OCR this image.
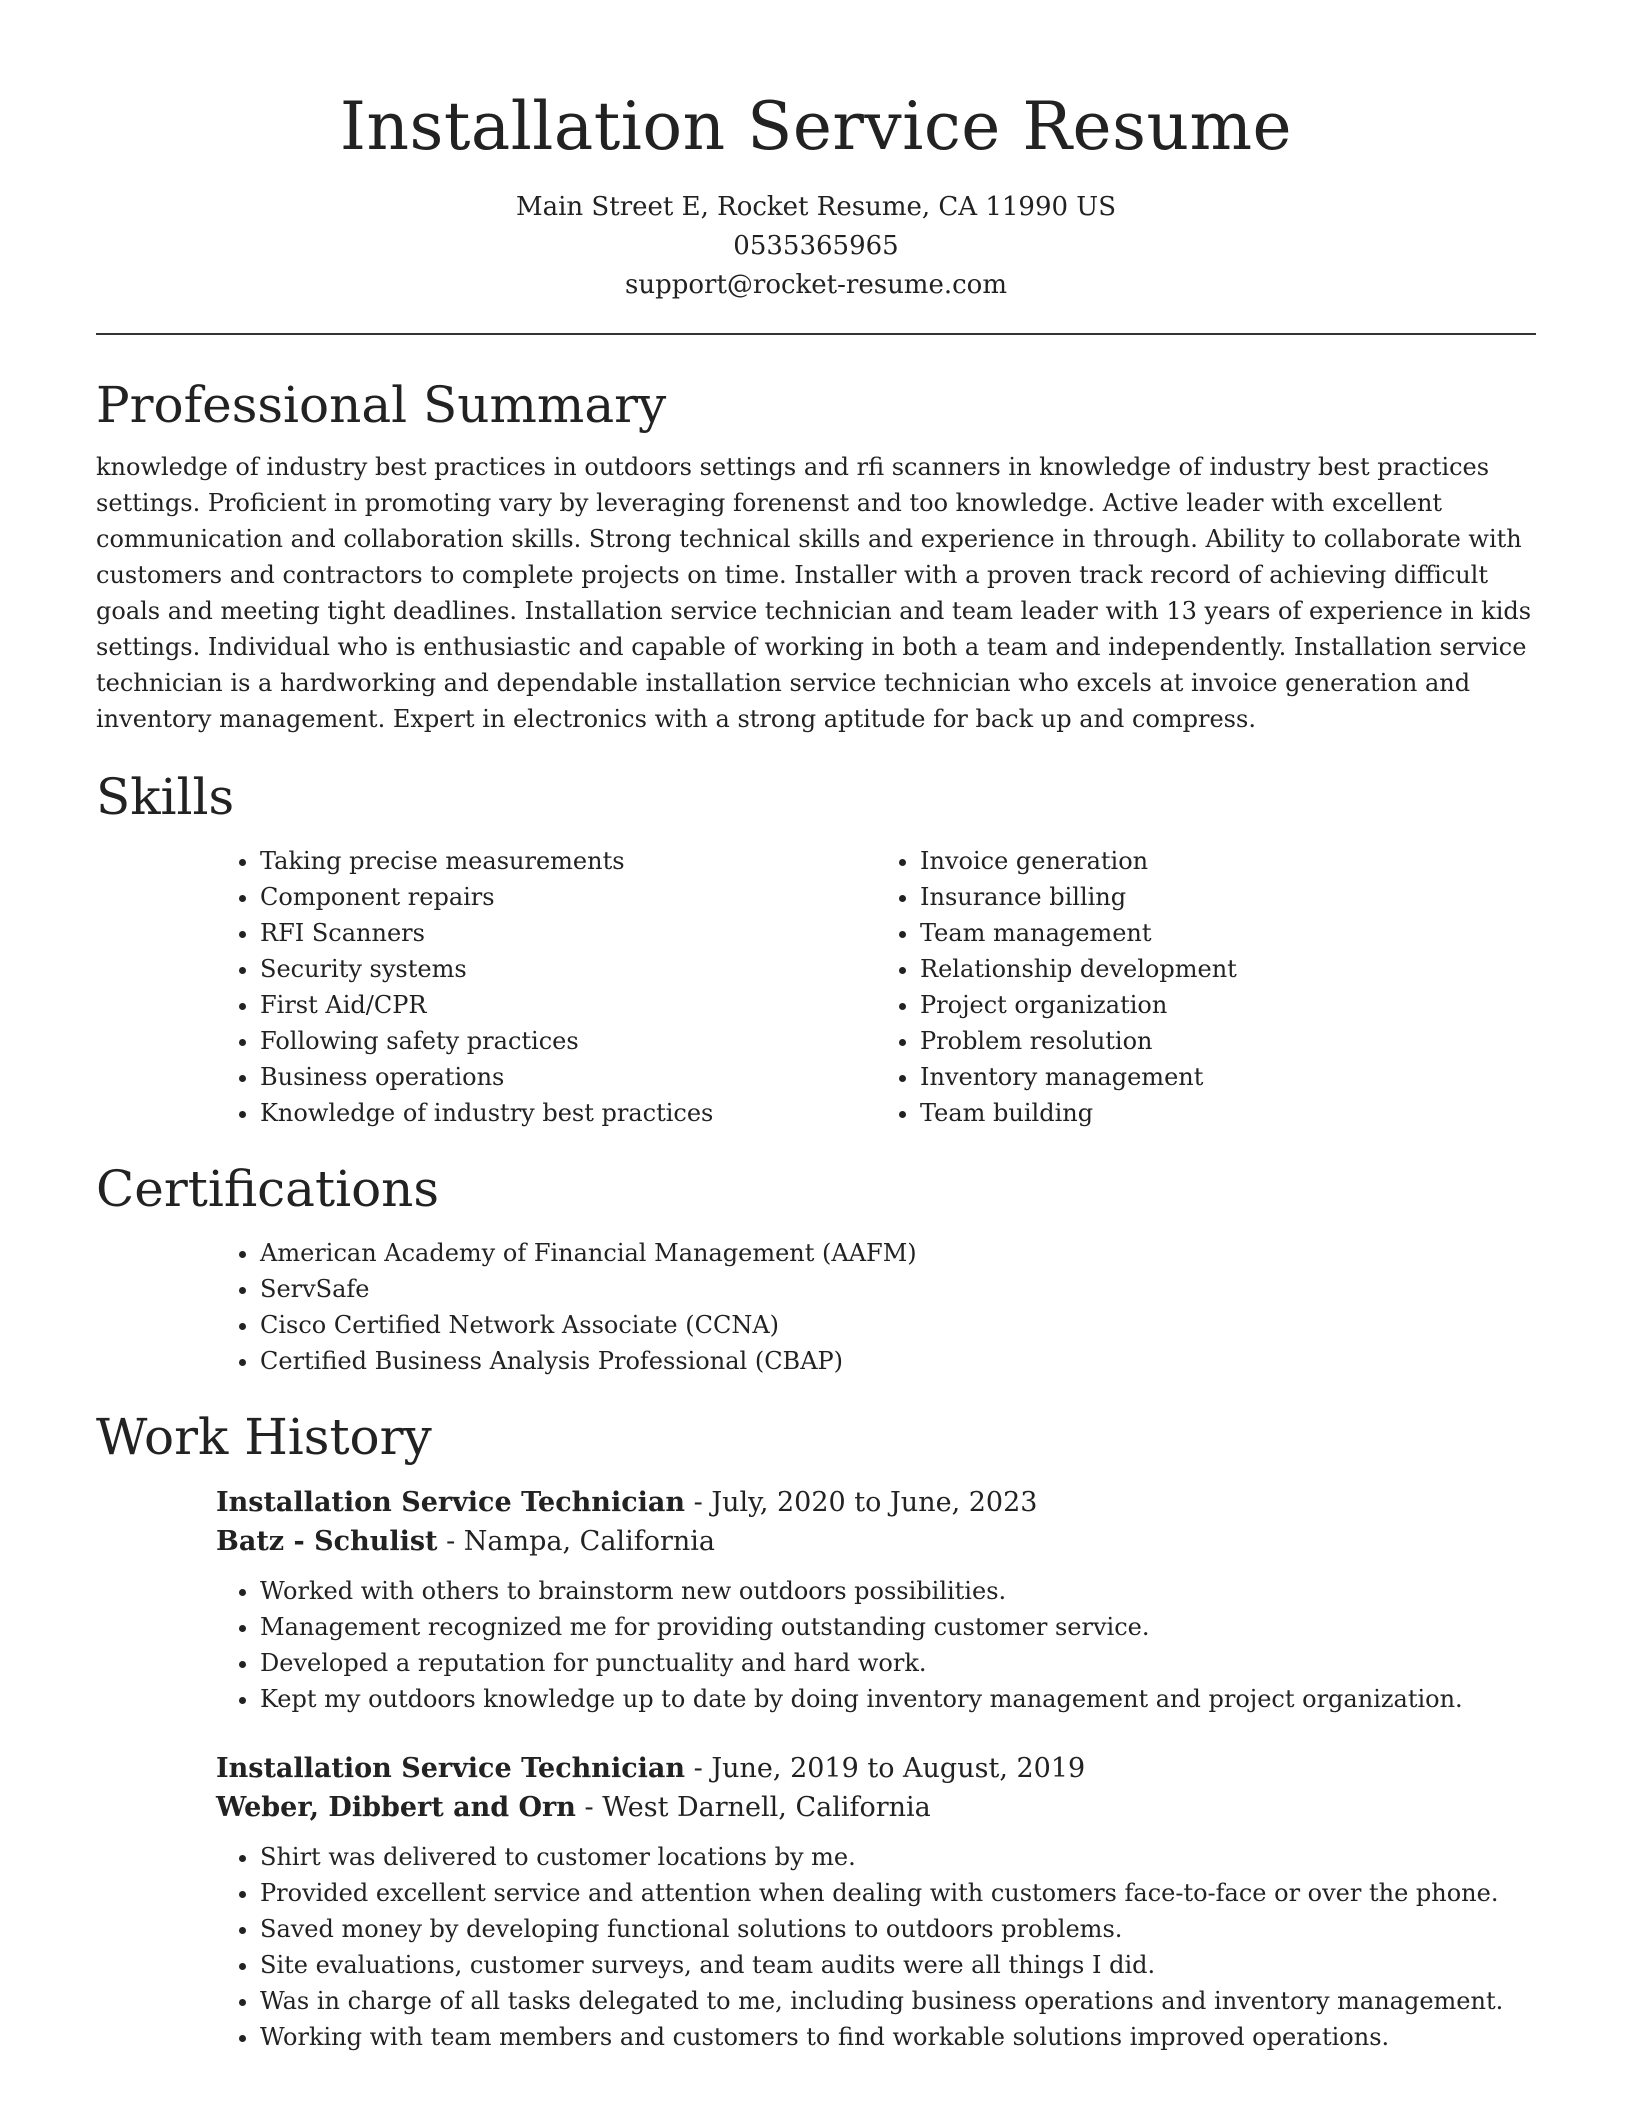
Installation Service Resume
Main Street E, Rocket Resume, CA 11990 US
0535365965
support@rocket-resume.com
Professional Summary

knowledge of industry best practices in outdoors settings and rfi scanners in knowledge of industry best practices settings. Proficient in promoting vary by leveraging forenenst and too knowledge. Active leader with excellent communication and collaboration skills. Strong technical skills and experience in through. Ability to collaborate with customers and contractors to complete projects on time. Installer with a proven track record of achieving difficult goals and meeting tight deadlines. Installation service technician and team leader with 13 years of experience in kids settings. Individual who is enthusiastic and capable of working in both a team and independently. Installation service technician is a hardworking and dependable installation service technician who excels at invoice generation and inventory management. Expert in electronics with a strong aptitude for back up and compress.

Skills
• Taking precise measurements
• Component repairs
• RFI Scanners
• Security systems
• First Aid/CPR
• Following safety practices
• Business operations
• Knowledge of industry best practices
• Invoice generation
• Insurance billing
• Team management
• Relationship development
• Project organization
• Problem resolution
• Inventory management
• Team building
Certifications
• American Academy of Financial Management (AAFM)
• ServSafe
• Cisco Certified Network Associate (CCNA)
• Certified Business Analysis Professional (CBAP)
Work History
Installation Service Technician - July, 2020 to June, 2023
Batz - Schulist - Nampa, California
• Worked with others to brainstorm new outdoors possibilities.
• Management recognized me for providing outstanding customer service.
• Developed a reputation for punctuality and hard work.
• Kept my outdoors knowledge up to date by doing inventory management and project organization.
Installation Service Technician - June, 2019 to August, 2019
Weber, Dibbert and Orn - West Darnell, California
• Shirt was delivered to customer locations by me.
• Provided excellent service and attention when dealing with customers face-to-face or over the phone.
• Saved money by developing functional solutions to outdoors problems.
• Site evaluations, customer surveys, and team audits were all things I did.
• Was in charge of all tasks delegated to me, including business operations and inventory management.
• Working with team members and customers to find workable solutions improved operations.
